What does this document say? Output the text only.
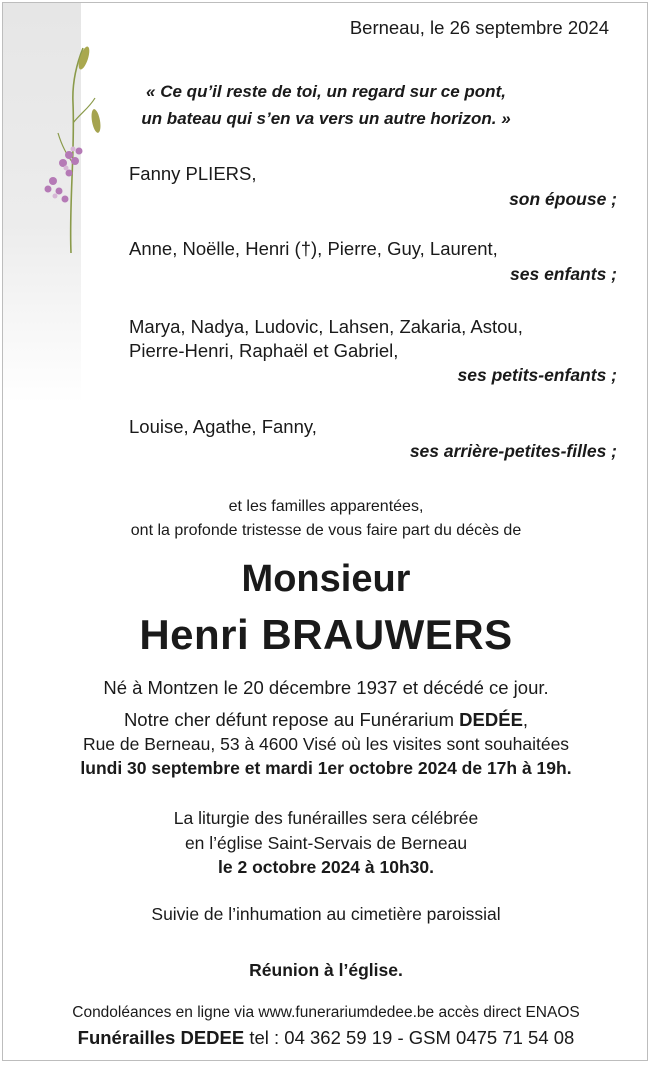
Berneau, le 26 septembre 2024
« Ce qu’il reste de toi, un regard sur ce pont,
un bateau qui s’en va vers un autre horizon. »
Fanny PLIERS,
son épouse ;
Anne, Noëlle, Henri (†), Pierre, Guy, Laurent,
ses enfants ;
Marya, Nadya, Ludovic, Lahsen, Zakaria, Astou,
Pierre-Henri, Raphaël et Gabriel,
ses petits-enfants ;
Louise, Agathe, Fanny,
ses arrière-petites-filles ;
et les familles apparentées,
ont la profonde tristesse de vous faire part du décès de
Monsieur
Henri BRAUWERS
Né à Montzen le 20 décembre 1937 et décédé ce jour.
Notre cher défunt repose au Funérarium DEDÉE,
Rue de Berneau, 53 à 4600 Visé où les visites sont souhaitées
lundi 30 septembre et mardi 1er octobre 2024 de 17h à 19h.
La liturgie des funérailles sera célébrée
en l’église Saint-Servais de Berneau
le 2 octobre 2024 à 10h30.
Suivie de l’inhumation au cimetière paroissial
Réunion à l’église.
Condoléances en ligne via www.funerariumdedee.be accès direct ENAOS
Funérailles DEDEE tel : 04 362 59 19 - GSM 0475 71 54 08
